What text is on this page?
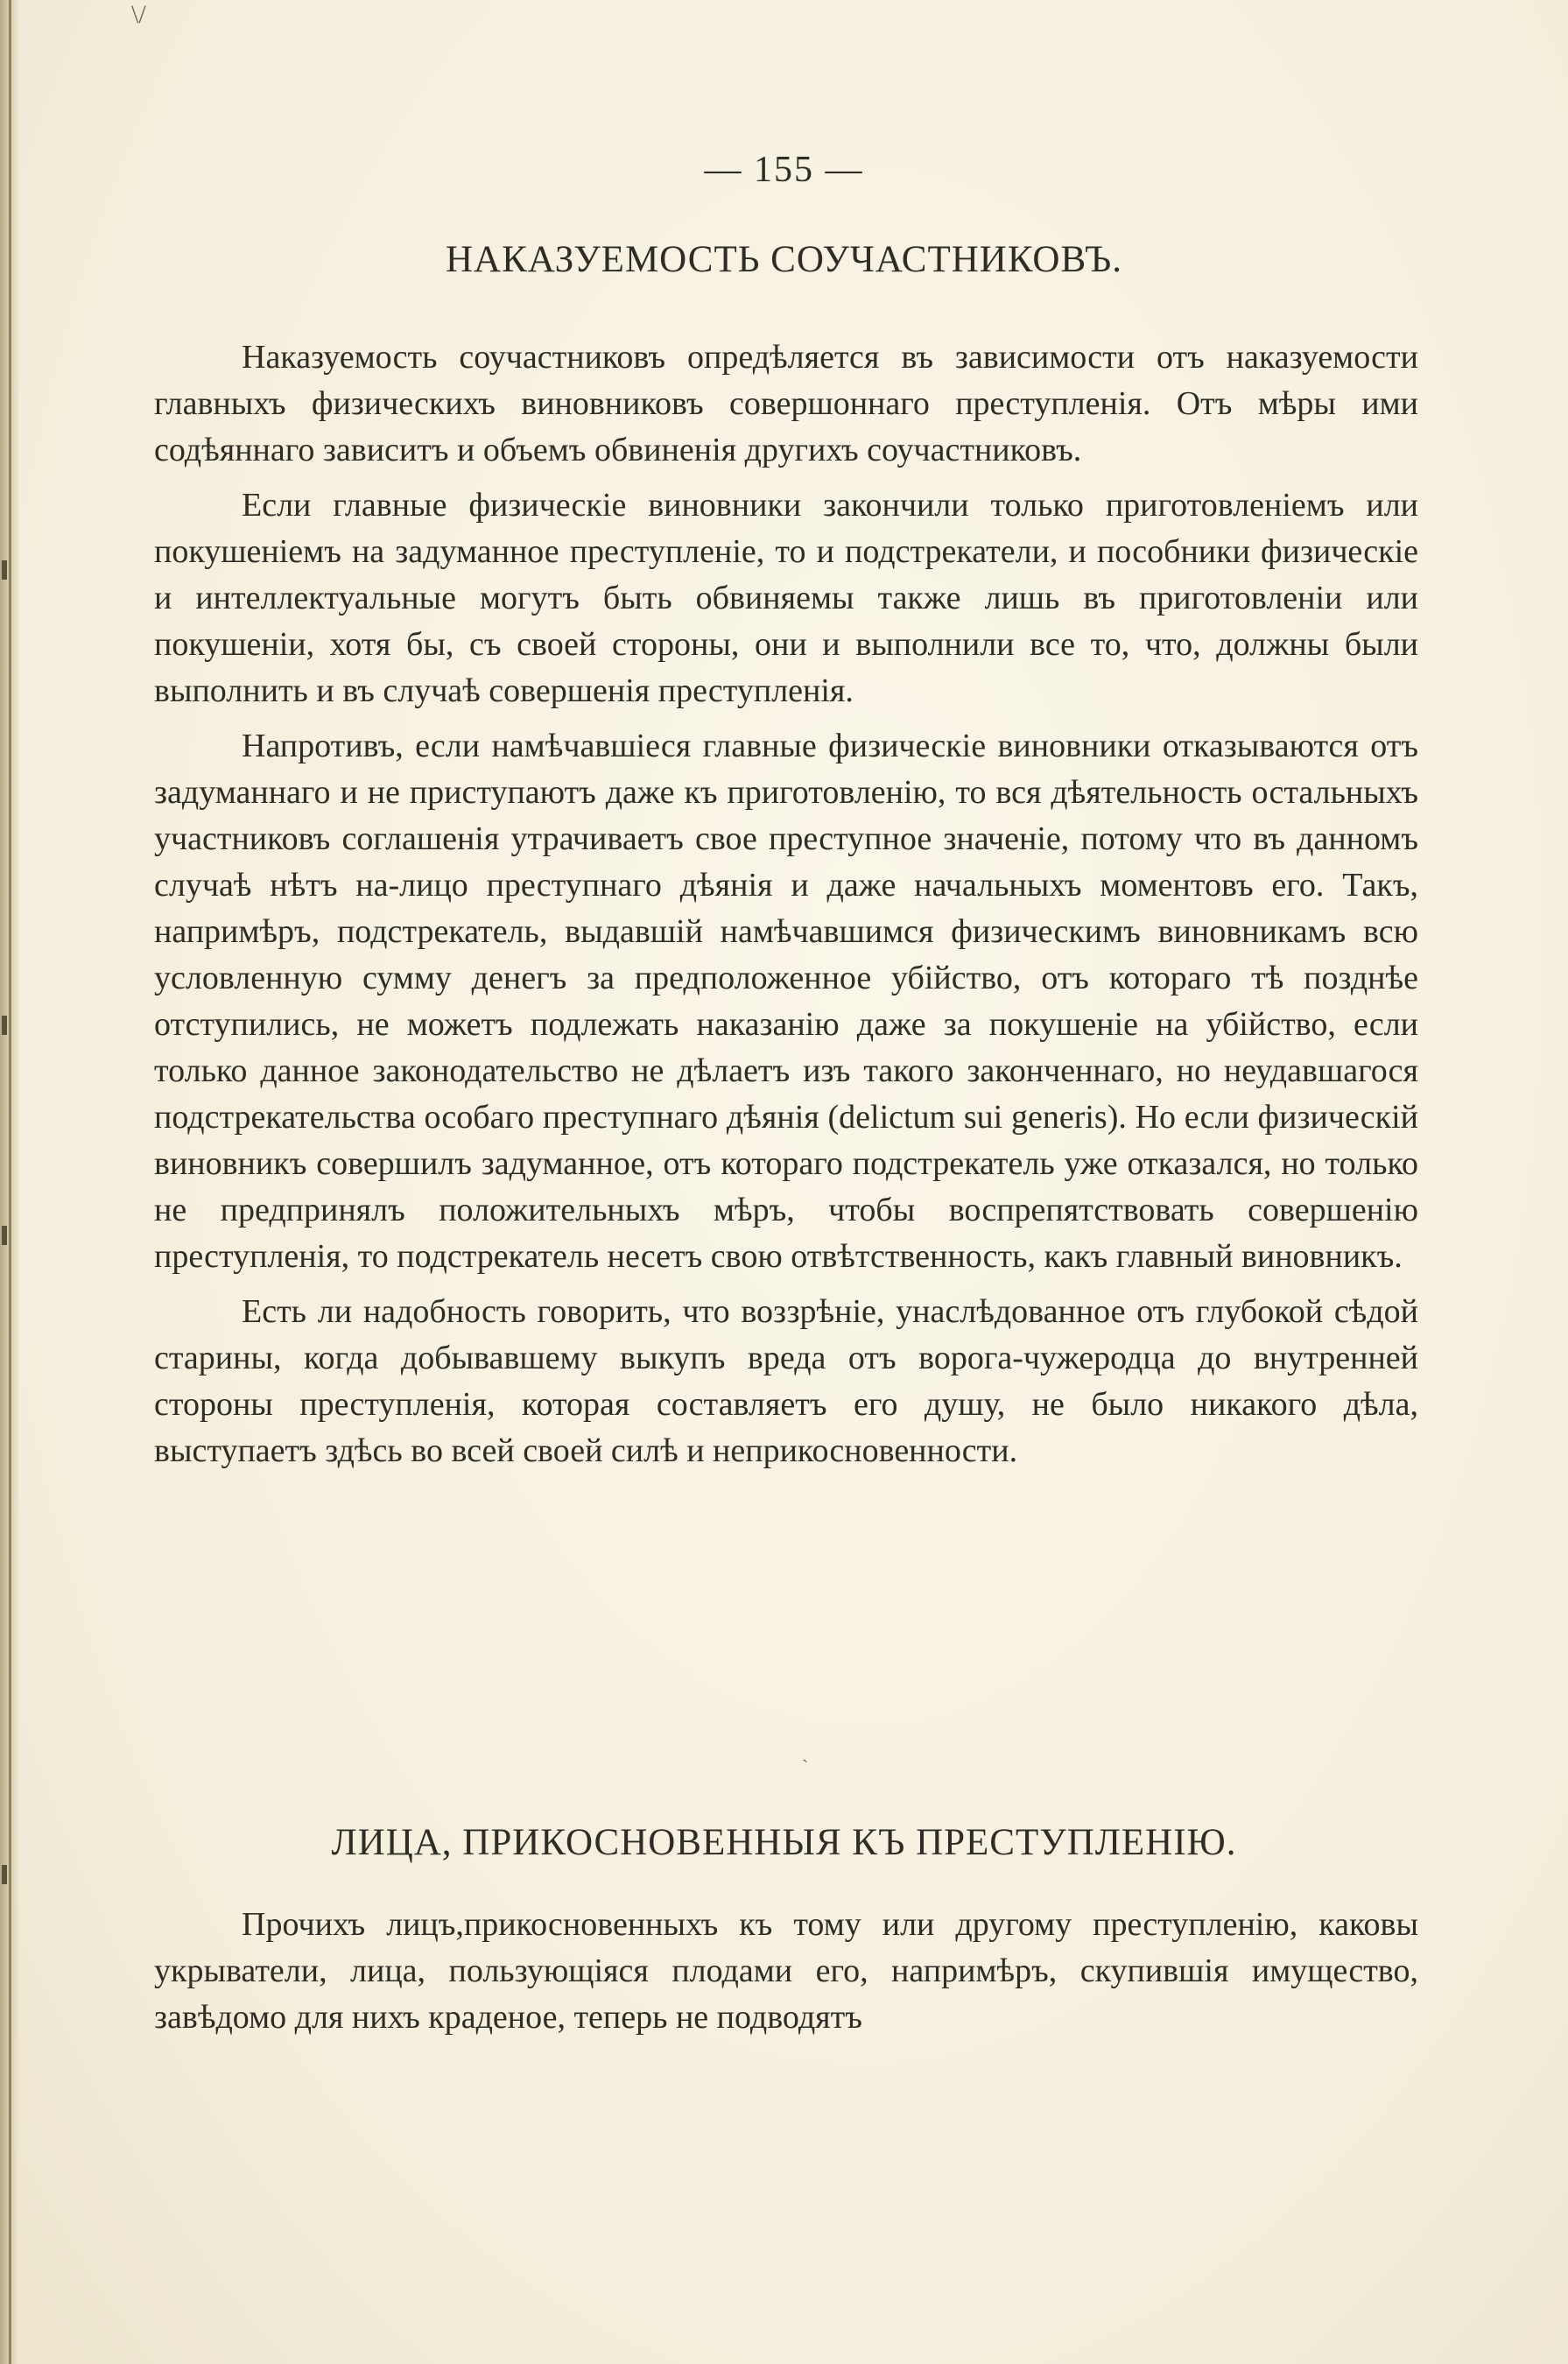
\/
— 155 —
НАКАЗУЕМОСТЬ СОУЧАСТНИКОВЪ.

Наказуемость соучастниковъ опредѣляется въ зависимости отъ наказуемости главныхъ физическихъ виновниковъ совершоннаго преступленія. Отъ мѣры ими содѣяннаго зависитъ и объемъ обвиненія другихъ соучастниковъ.

Если главные физическіе виновники закончили только приготовленіемъ или покушеніемъ на задуманное преступленіе, то и подстрекатели, и пособники физическіе и интеллектуальные могутъ быть обвиняемы также лишь въ приготовленіи или покушеніи, хотя бы, съ своей стороны, они и выполнили все то, что, должны были выполнить и въ случаѣ совершенія преступленія.

Напротивъ, если намѣчавшіеся главные физическіе виновники отказываются отъ задуманнаго и не приступаютъ даже къ приготовленію, то вся дѣятельность остальныхъ участниковъ соглашенія утрачиваетъ свое преступное значеніе, потому что въ данномъ случаѣ нѣтъ на-лицо преступнаго дѣянія и даже начальныхъ моментовъ его. Такъ, напримѣръ, подстрекатель, выдавшій намѣчавшимся физическимъ виновникамъ всю условленную сумму денегъ за предположенное убійство, отъ котораго тѣ позднѣе отступились, не можетъ подлежать наказанію даже за покушеніе на убійство, если только данное законодательство не дѣлаетъ изъ такого законченнаго, но неудавшагося подстрекательства особаго преступнаго дѣянія (delictum sui generis). Но если физическій виновникъ совершилъ задуманное, отъ котораго подстрекатель уже отказался, но только не предпринялъ положительныхъ мѣръ, чтобы воспрепятствовать совершенію преступленія, то подстрекатель несетъ свою отвѣтственность, какъ главный виновникъ.

Есть ли надобность говорить, что воззрѣніе, унаслѣдованное отъ глубокой сѣдой старины, когда добывавшему выкупъ вреда отъ ворога-чужеродца до внутренней стороны преступленія, которая составляетъ его душу, не было никакого дѣла, выступаетъ здѣсь во всей своей силѣ и неприкосновенности.

˴
ЛИЦА, ПРИКОСНОВЕННЫЯ КЪ ПРЕСТУПЛЕНІЮ.

Прочихъ лицъ,прикосновенныхъ къ тому или другому преступленію, каковы укрыватели, лица, пользующіяся плодами его, напримѣръ, скупившія имущество, завѣдомо для нихъ краденое, теперь не подводятъ
